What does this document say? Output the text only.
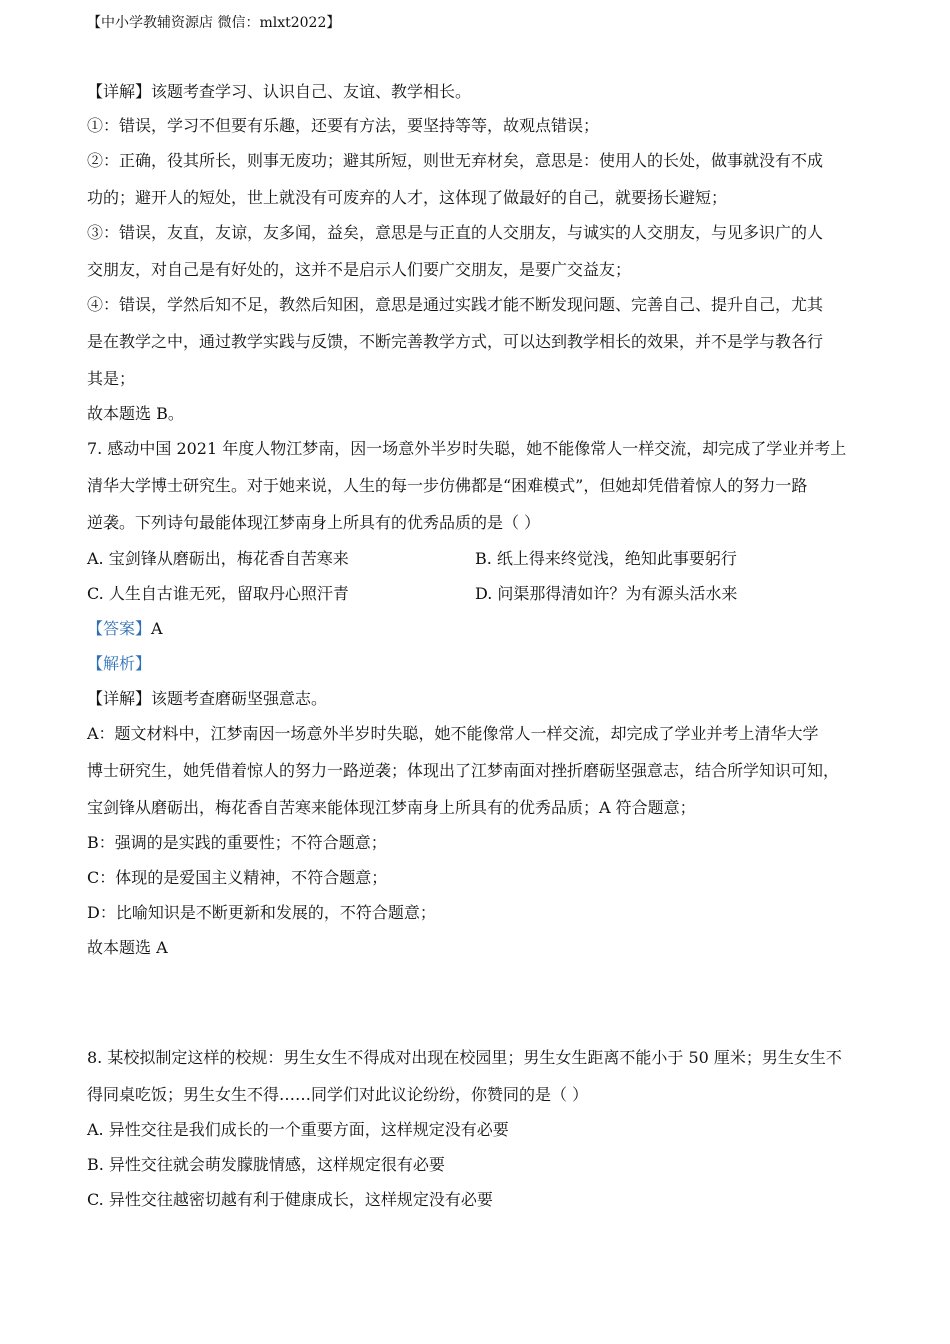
【中小学教辅资源店 微信：mlxt2022】
【详解】该题考查学习、认识自己、友谊、教学相长。
①：错误，学习不但要有乐趣，还要有方法，要坚持等等，故观点错误；
②：正确，役其所长，则事无废功；避其所短，则世无弃材矣，意思是：使用人的长处，做事就没有不成
功的；避开人的短处，世上就没有可废弃的人才，这体现了做最好的自己，就要扬长避短；
③：错误，友直，友谅，友多闻，益矣，意思是与正直的人交朋友，与诚实的人交朋友，与见多识广的人
交朋友，对自己是有好处的，这并不是启示人们要广交朋友，是要广交益友；
④：错误，学然后知不足，教然后知困，意思是通过实践才能不断发现问题、完善自己、提升自己，尤其
是在教学之中，通过教学实践与反馈，不断完善教学方式，可以达到教学相长的效果，并不是学与教各行
其是；
故本题选 B。
7. 感动中国 2021 年度人物江梦南，因一场意外半岁时失聪，她不能像常人一样交流，却完成了学业并考上
清华大学博士研究生。对于她来说，人生的每一步仿佛都是“困难模式”，但她却凭借着惊人的努力一路
逆袭。下列诗句最能体现江梦南身上所具有的优秀品质的是（ ）
A. 宝剑锋从磨砺出，梅花香自苦寒来	B. 纸上得来终觉浅，绝知此事要躬行
C. 人生自古谁无死，留取丹心照汗青	D. 问渠那得清如许？为有源头活水来
【答案】A
【解析】
【详解】该题考查磨砺坚强意志。
A：题文材料中，江梦南因一场意外半岁时失聪，她不能像常人一样交流，却完成了学业并考上清华大学
博士研究生，她凭借着惊人的努力一路逆袭；体现出了江梦南面对挫折磨砺坚强意志，结合所学知识可知，
宝剑锋从磨砺出，梅花香自苦寒来能体现江梦南身上所具有的优秀品质；A 符合题意；
B：强调的是实践的重要性；不符合题意；
C：体现的是爱国主义精神，不符合题意；
D：比喻知识是不断更新和发展的，不符合题意；
故本题选 A
8. 某校拟制定这样的校规：男生女生不得成对出现在校园里；男生女生距离不能小于 50 厘米；男生女生不
得同桌吃饭；男生女生不得……同学们对此议论纷纷，你赞同的是（ ）
A. 异性交往是我们成长的一个重要方面，这样规定没有必要
B. 异性交往就会萌发朦胧情感，这样规定很有必要
C. 异性交往越密切越有利于健康成长，这样规定没有必要
